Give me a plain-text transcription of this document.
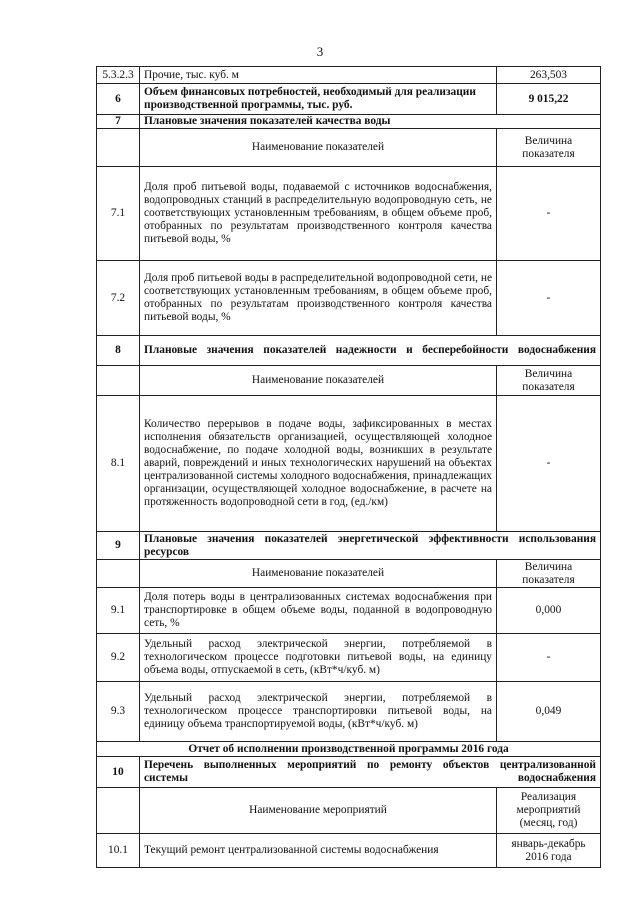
3
5.3.2.3	Прочие, тыс. куб. м	263,503
6	Объем финансовых потребностей, необходимый для реализации производственной программы, тыс. руб.	9 015,22
7	Плановые значения показателей качества воды	
	Наименование показателей	Величина показателя
7.1	Доля проб питьевой воды, подаваемой с источников водоснабжения, водопроводных станций в распределительную водопроводную сеть, не соответствующих установленным требованиям, в общем объеме проб, отобранных по результатам производственного контроля качества питьевой воды, %	-
7.2	Доля проб питьевой воды в распределительной водопроводной сети, не соответствующих установленным требованиям, в общем объеме проб, отобранных по результатам производственного контроля качества питьевой воды, %	-
8	Плановые значения показателей надежности и бесперебойности водоснабжения	
	Наименование показателей	Величина показателя
8.1	Количество перерывов в подаче воды, зафиксированных в местах исполнения обязательств организацией, осуществляющей холодное водоснабжение, по подаче холодной воды, возникших в результате аварий, повреждений и иных технологических нарушений на объектах централизованной системы холодного водоснабжения, принадлежащих организации, осуществляющей холодное водоснабжение, в расчете на протяженность водопроводной сети в год, (ед./км)	-
9	Плановые значения показателей энергетической эффективности использования ресурсов	
	Наименование показателей	Величина показателя
9.1	Доля потерь воды в централизованных системах водоснабжения при транспортировке в общем объеме воды, поданной в водопроводную сеть, %	0,000
9.2	Удельный расход электрической энергии, потребляемой в технологическом процессе подготовки питьевой воды, на единицу объема воды, отпускаемой в сеть, (кВт*ч/куб. м)	-
9.3	Удельный расход электрической энергии, потребляемой в технологическом процессе транспортировки питьевой воды, на единицу объема транспортируемой воды, (кВт*ч/куб. м)	0,049
Отчет об исполнении производственной программы 2016 года		
10	Перечень выполненных мероприятий по ремонту объектов централизованной системы водоснабжения	
	Наименование мероприятий	Реализация мероприятий (месяц, год)
10.1	Текущий ремонт централизованной системы водоснабжения	январь-декабрь 2016 года
